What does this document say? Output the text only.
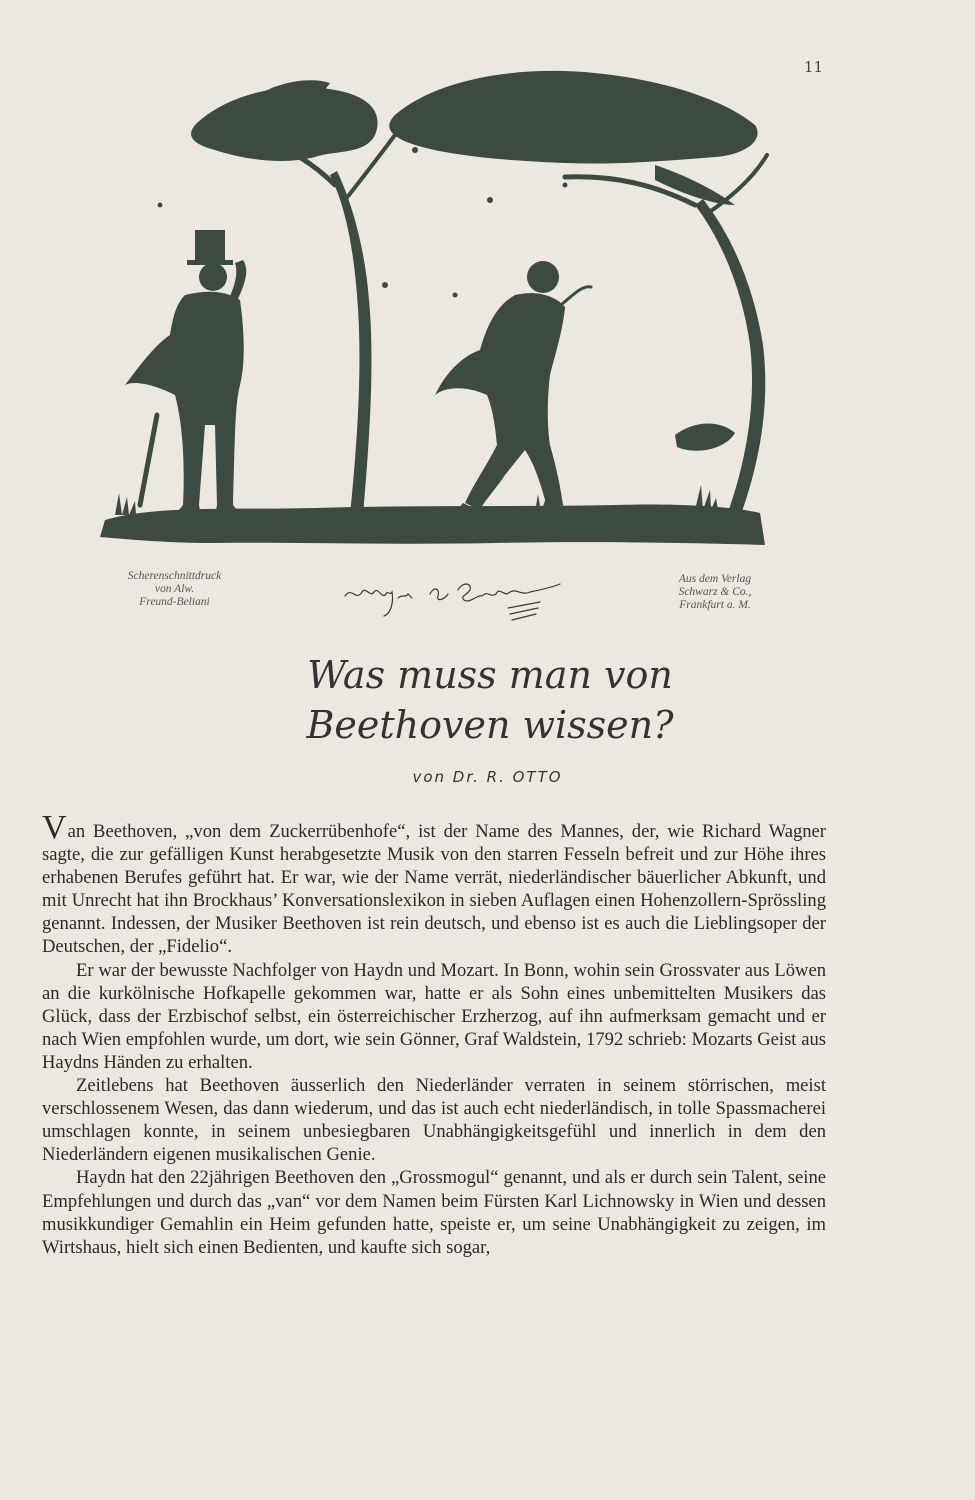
11
Scherenschnittdruck
von Alw.
Freund-Beliani
Aus dem Verlag
Schwarz & Co.,
Frankfurt a. M.
Was muss man von
Beethoven wissen?
von Dr. R. OTTO

Van Beethoven, „von dem Zuckerrübenhofe“, ist der Name des Mannes, der, wie Richard Wagner sagte, die zur gefälligen Kunst herabgesetzte Musik von den starren Fesseln befreit und zur Höhe ihres erhabenen Berufes geführt hat. Er war, wie der Name verrät, niederländischer bäuerlicher Abkunft, und mit Unrecht hat ihn Brockhaus’ Konversationslexikon in sieben Auflagen einen Hohenzollern-Sprössling genannt. Indessen, der Musiker Beethoven ist rein deutsch, und ebenso ist es auch die Lieblingsoper der Deutschen, der „Fidelio“.

Er war der bewusste Nachfolger von Haydn und Mozart. In Bonn, wohin sein Grossvater aus Löwen an die kurkölnische Hofkapelle gekommen war, hatte er als Sohn eines unbemittelten Musikers das Glück, dass der Erzbischof selbst, ein österreichischer Erzherzog, auf ihn aufmerksam gemacht und er nach Wien empfohlen wurde, um dort, wie sein Gönner, Graf Waldstein, 1792 schrieb: Mozarts Geist aus Haydns Händen zu erhalten.

Zeitlebens hat Beethoven äusserlich den Niederländer verraten in seinem störrischen, meist verschlossenem Wesen, das dann wiederum, und das ist auch echt niederländisch, in tolle Spassmacherei umschlagen konnte, in seinem unbesiegbaren Unabhängigkeitsgefühl und innerlich in dem den Niederländern eigenen musikalischen Genie.

Haydn hat den 22jährigen Beethoven den „Grossmogul“ genannt, und als er durch sein Talent, seine Empfehlungen und durch das „van“ vor dem Namen beim Fürsten Karl Lichnowsky in Wien und dessen musikkundiger Gemahlin ein Heim gefunden hatte, speiste er, um seine Unabhängigkeit zu zeigen, im Wirtshaus, hielt sich einen Bedienten, und kaufte sich sogar,
